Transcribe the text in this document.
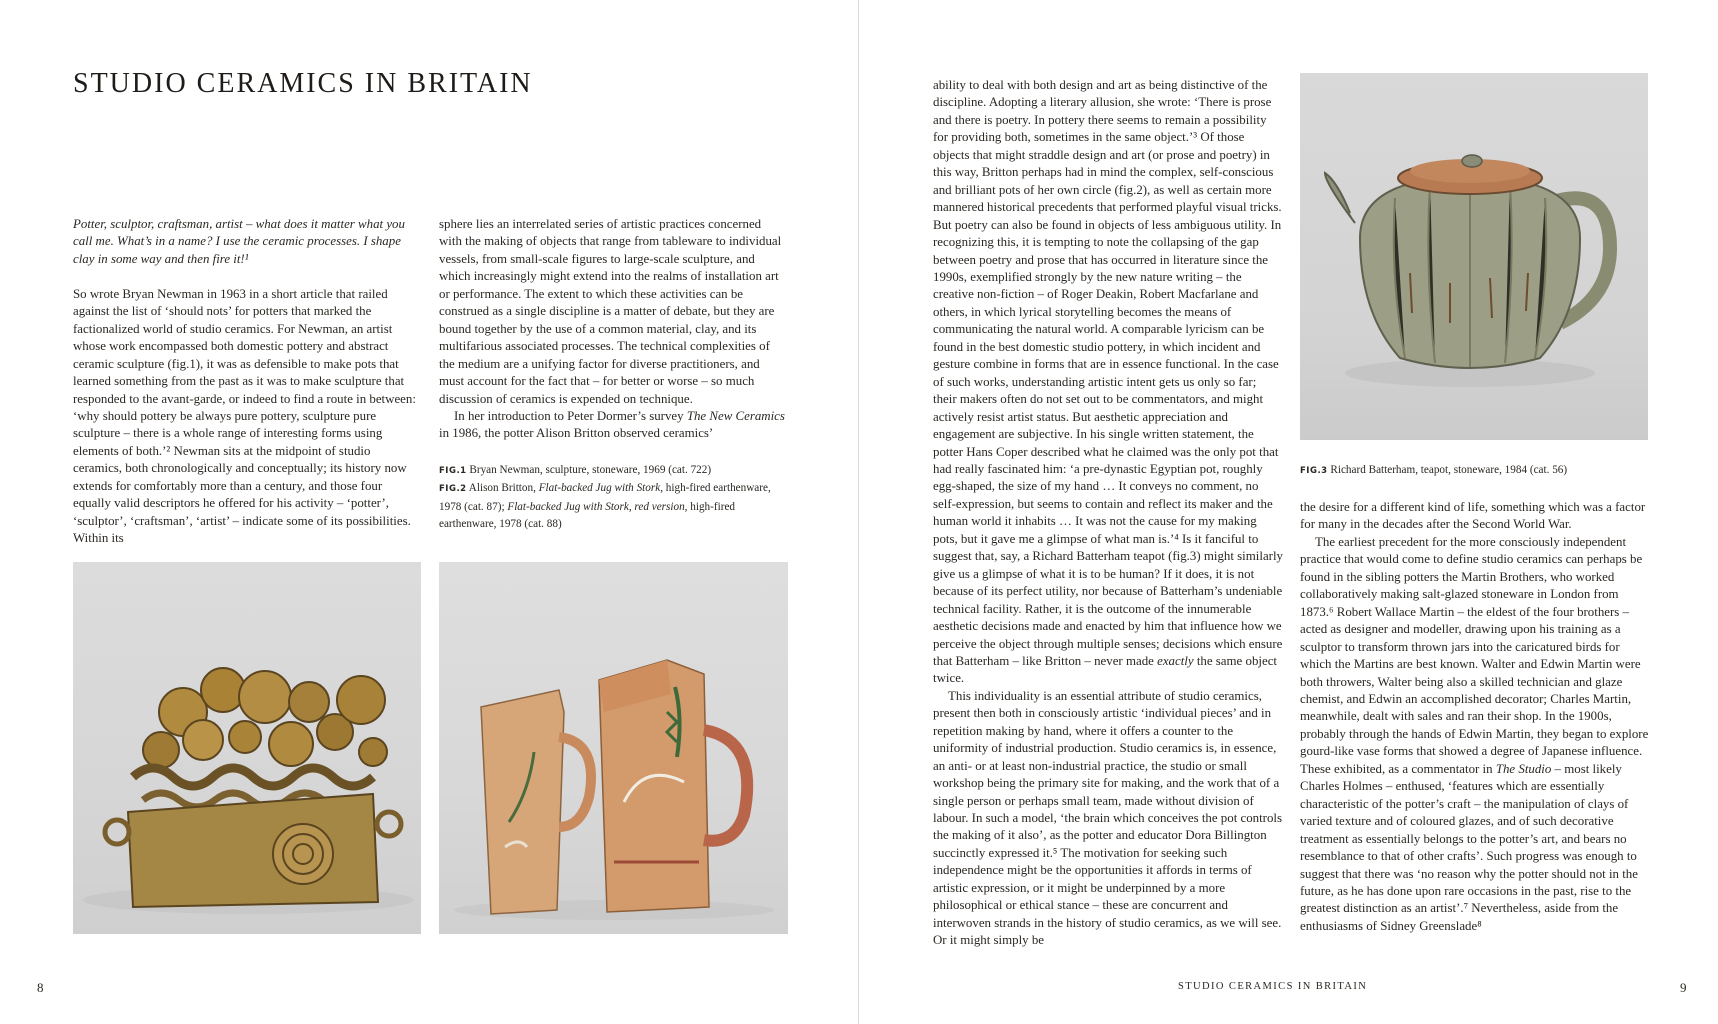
STUDIO CERAMICS IN BRITAIN

Potter, sculptor, craftsman, artist – what does it matter what you call me. What’s in a name? I use the ceramic processes. I shape clay in some way and then fire it!¹

So wrote Bryan Newman in 1963 in a short article that railed against the list of ‘should nots’ for potters that marked the factionalized world of studio ceramics. For Newman, an artist whose work encompassed both domestic pottery and abstract ceramic sculpture (fig.1), it was as defensible to make pots that learned something from the past as it was to make sculpture that responded to the avant-garde, or indeed to find a route in between: ‘why should pottery be always pure pottery, sculpture pure sculpture – there is a whole range of interesting forms using elements of both.’² Newman sits at the midpoint of studio ceramics, both chronologically and conceptually; its history now extends for comfortably more than a century, and those four equally valid descriptors he offered for his activity – ‘potter’, ‘sculptor’, ‘craftsman’, ‘artist’ – indicate some of its possibilities. Within its

sphere lies an interrelated series of artistic practices concerned with the making of objects that range from tableware to individual vessels, from small-scale figures to large-scale sculpture, and which increasingly might extend into the realms of installation art or performance. The extent to which these activities can be construed as a single discipline is a matter of debate, but they are bound together by the use of a common material, clay, and its multifarious associated processes. The technical complexities of the medium are a unifying factor for diverse practitioners, and must account for the fact that – for better or worse – so much discussion of ceramics is expended on technique.

In her introduction to Peter Dormer’s survey The New Ceramics in 1986, the potter Alison Britton observed ceramics’

FIG.1 Bryan Newman, sculpture, stoneware, 1969 (cat. 722)

FIG.2 Alison Britton, Flat-backed Jug with Stork, high-fired earthenware, 1978 (cat. 87); Flat-backed Jug with Stork, red version, high-fired earthenware, 1978 (cat. 88)

8

ability to deal with both design and art as being distinctive of the discipline. Adopting a literary allusion, she wrote: ‘There is prose and there is poetry. In pottery there seems to remain a possibility for providing both, sometimes in the same object.’³ Of those objects that might straddle design and art (or prose and poetry) in this way, Britton perhaps had in mind the complex, self-conscious and brilliant pots of her own circle (fig.2), as well as certain more mannered historical precedents that performed playful visual tricks. But poetry can also be found in objects of less ambiguous utility. In recognizing this, it is tempting to note the collapsing of the gap between poetry and prose that has occurred in literature since the 1990s, exemplified strongly by the new nature writing – the creative non-fiction – of Roger Deakin, Robert Macfarlane and others, in which lyrical storytelling becomes the means of communicating the natural world. A comparable lyricism can be found in the best domestic studio pottery, in which incident and gesture combine in forms that are in essence functional. In the case of such works, understanding artistic intent gets us only so far; their makers often do not set out to be commentators, and might actively resist artist status. But aesthetic appreciation and engagement are subjective. In his single written statement, the potter Hans Coper described what he claimed was the only pot that had really fascinated him: ‘a pre-dynastic Egyptian pot, roughly egg-shaped, the size of my hand … It conveys no comment, no self-expression, but seems to contain and reflect its maker and the human world it inhabits … It was not the cause for my making pots, but it gave me a glimpse of what man is.’⁴ Is it fanciful to suggest that, say, a Richard Batterham teapot (fig.3) might similarly give us a glimpse of what it is to be human? If it does, it is not because of its perfect utility, nor because of Batterham’s undeniable technical facility. Rather, it is the outcome of the innumerable aesthetic decisions made and enacted by him that influence how we perceive the object through multiple senses; decisions which ensure that Batterham – like Britton – never made exactly the same object twice.

This individuality is an essential attribute of studio ceramics, present then both in consciously artistic ‘individual pieces’ and in repetition making by hand, where it offers a counter to the uniformity of industrial production. Studio ceramics is, in essence, an anti- or at least non-industrial practice, the studio or small workshop being the primary site for making, and the work that of a single person or perhaps small team, made without division of labour. In such a model, ‘the brain which conceives the pot controls the making of it also’, as the potter and educator Dora Billington succinctly expressed it.⁵ The motivation for seeking such independence might be the opportunities it affords in terms of artistic expression, or it might be underpinned by a more philosophical or ethical stance – these are concurrent and interwoven strands in the history of studio ceramics, as we will see. Or it might simply be

FIG.3 Richard Batterham, teapot, stoneware, 1984 (cat. 56)

the desire for a different kind of life, something which was a factor for many in the decades after the Second World War.

The earliest precedent for the more consciously independent practice that would come to define studio ceramics can perhaps be found in the sibling potters the Martin Brothers, who worked collaboratively making salt-glazed stoneware in London from 1873.⁶ Robert Wallace Martin – the eldest of the four brothers – acted as designer and modeller, drawing upon his training as a sculptor to transform thrown jars into the caricatured birds for which the Martins are best known. Walter and Edwin Martin were both throwers, Walter being also a skilled technician and glaze chemist, and Edwin an accomplished decorator; Charles Martin, meanwhile, dealt with sales and ran their shop. In the 1900s, probably through the hands of Edwin Martin, they began to explore gourd-like vase forms that showed a degree of Japanese influence. These exhibited, as a commentator in The Studio – most likely Charles Holmes – enthused, ‘features which are essentially characteristic of the potter’s craft – the manipulation of clays of varied texture and of coloured glazes, and of such decorative treatment as essentially belongs to the potter’s art, and bears no resemblance to that of other crafts’. Such progress was enough to suggest that there was ‘no reason why the potter should not in the future, as he has done upon rare occasions in the past, rise to the greatest distinction as an artist’.⁷ Nevertheless, aside from the enthusiasms of Sidney Greenslade⁸

STUDIO CERAMICS IN BRITAIN	9
